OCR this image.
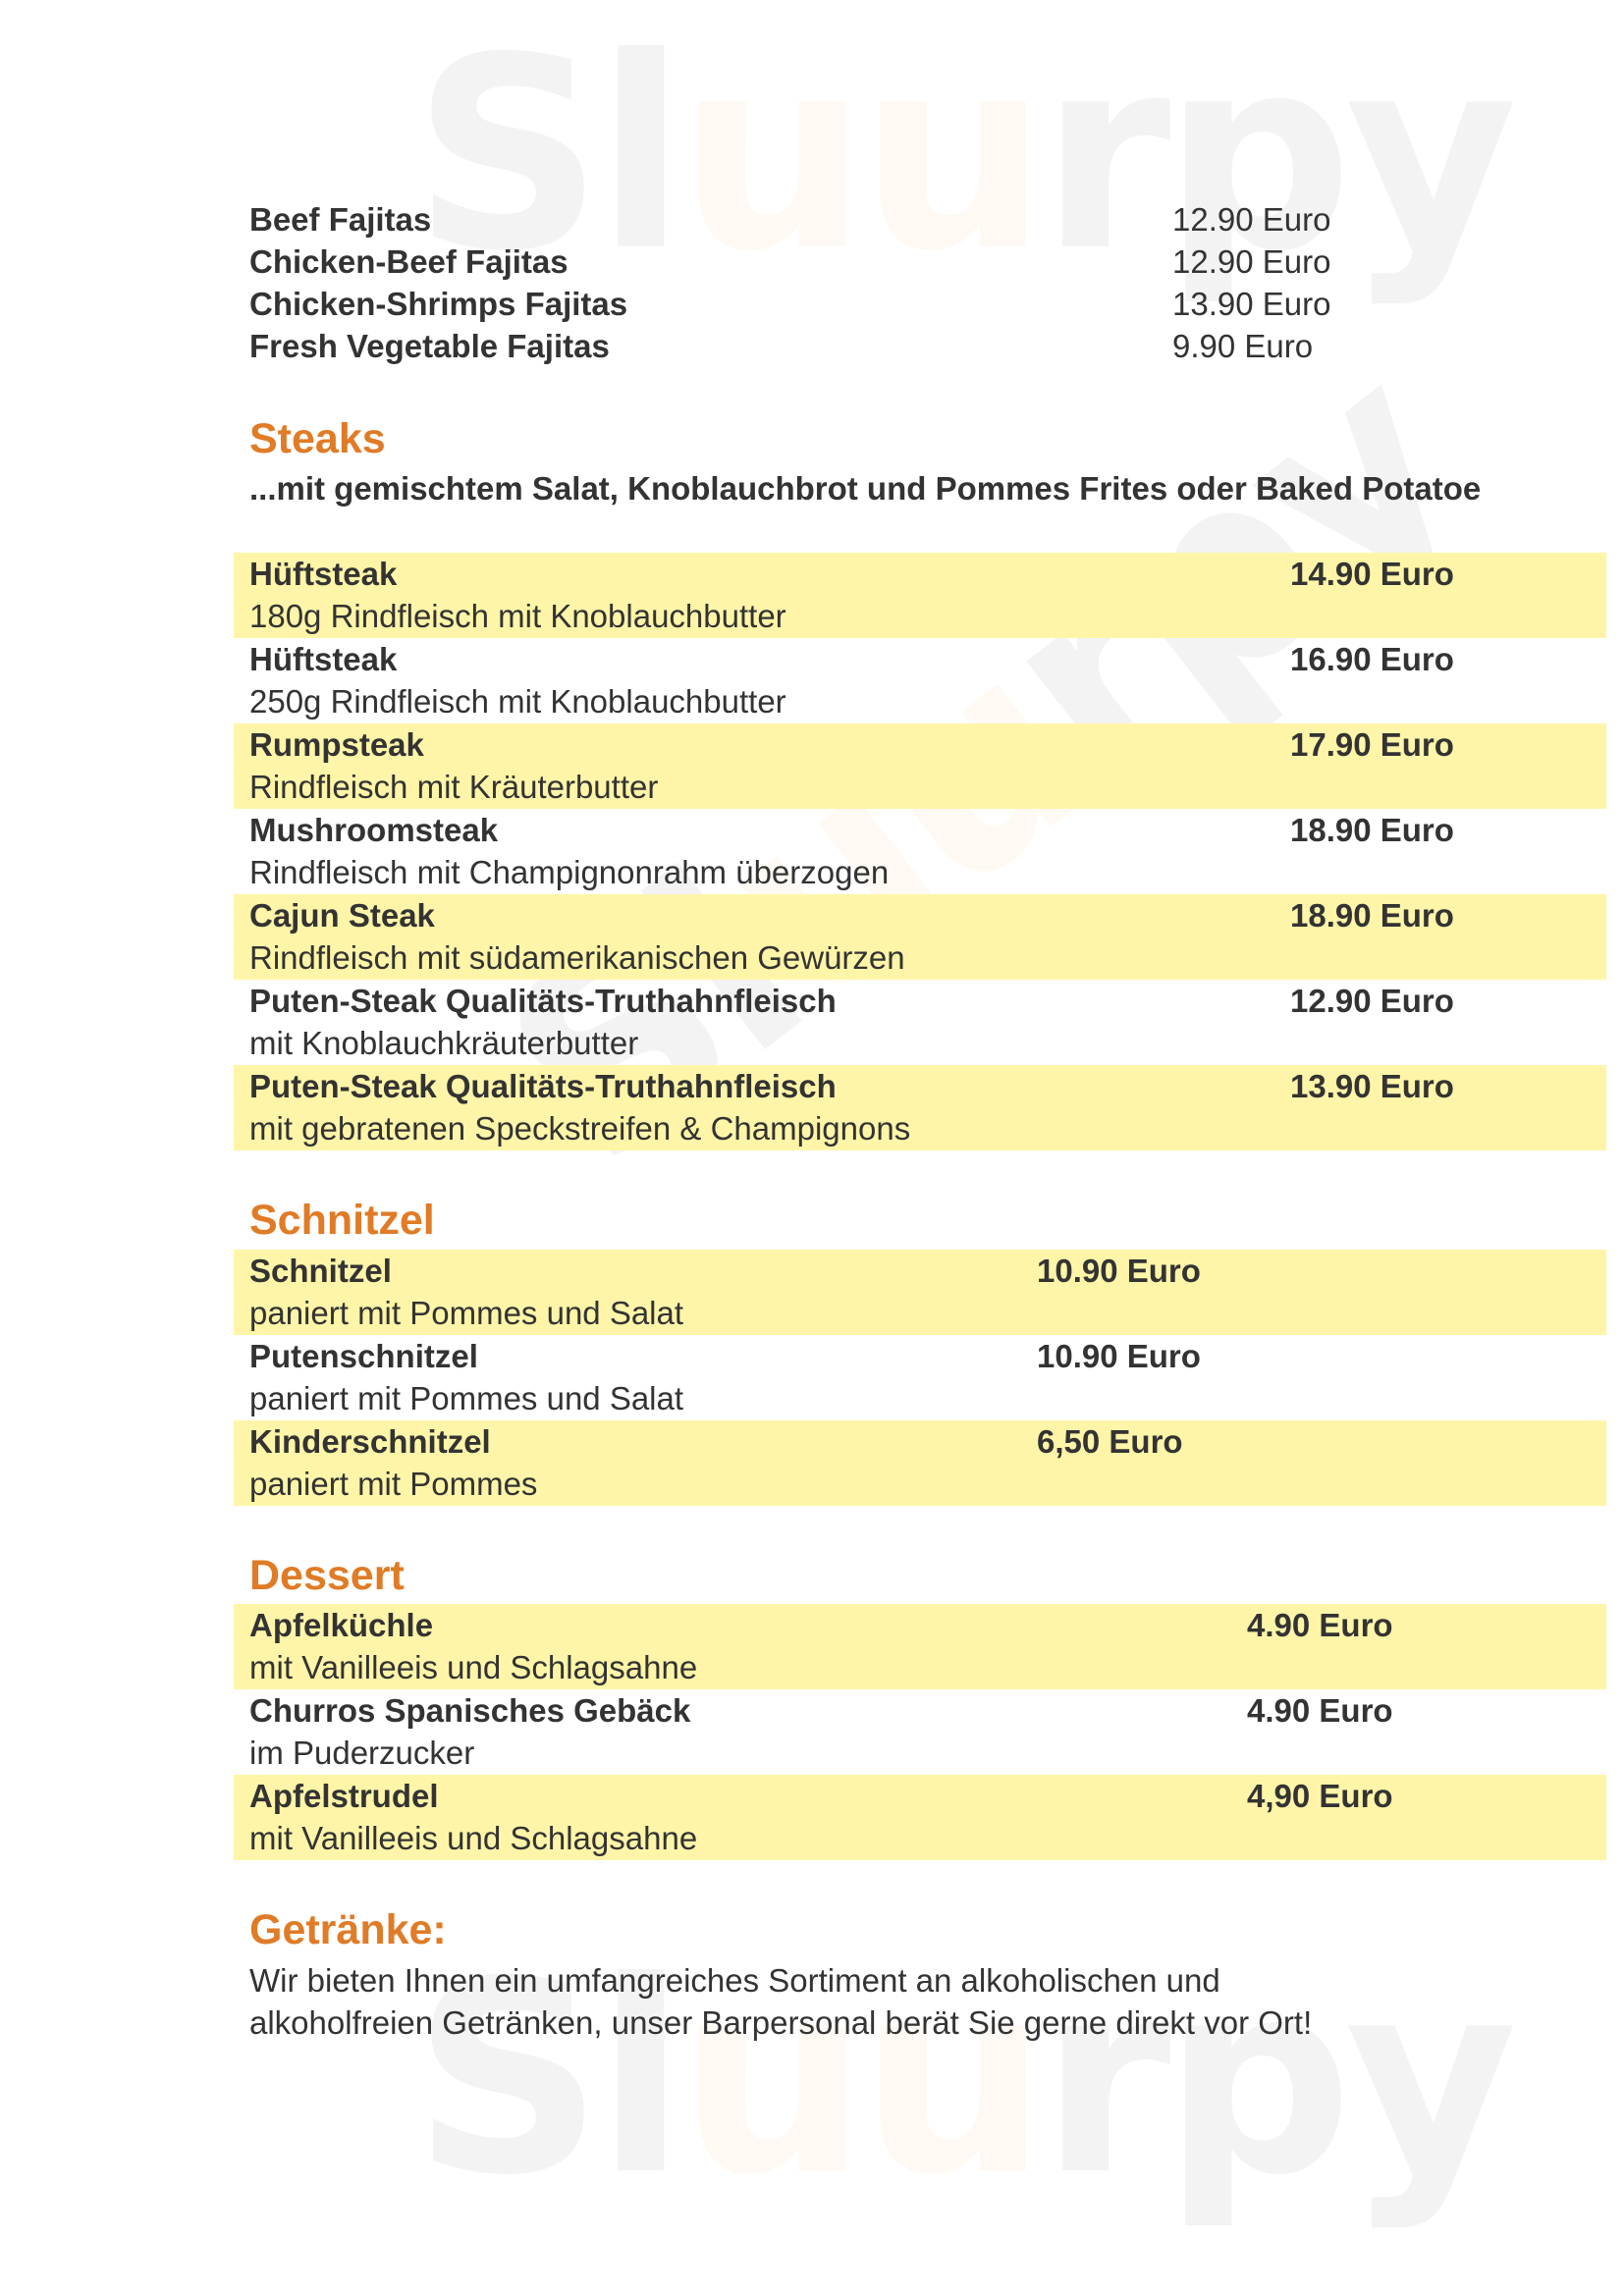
Beef Fajitas	12.90 Euro
Chicken-Beef Fajitas	12.90 Euro
Chicken-Shrimps Fajitas	13.90 Euro
Fresh Vegetable Fajitas	9.90 Euro
Steaks
...mit gemischtem Salat, Knoblauchbrot und Pommes Frites oder Baked Potatoe
Hüftsteak	14.90 Euro
180g Rindfleisch mit Knoblauchbutter
Hüftsteak	16.90 Euro
250g Rindfleisch mit Knoblauchbutter
Rumpsteak	17.90 Euro
Rindfleisch mit Kräuterbutter
Mushroomsteak	18.90 Euro
Rindfleisch mit Champignonrahm überzogen
Cajun Steak	18.90 Euro
Rindfleisch mit südamerikanischen Gewürzen
Puten-Steak Qualitäts-Truthahnfleisch	12.90 Euro
mit Knoblauchkräuterbutter
Puten-Steak Qualitäts-Truthahnfleisch	13.90 Euro
mit gebratenen Speckstreifen & Champignons
Schnitzel
Schnitzel	10.90 Euro
paniert mit Pommes und Salat
Putenschnitzel	10.90 Euro
paniert mit Pommes und Salat
Kinderschnitzel	6,50 Euro
paniert mit Pommes
Dessert
Apfelküchle	4.90 Euro
mit Vanilleeis und Schlagsahne
Churros Spanisches Gebäck	4.90 Euro
im Puderzucker
Apfelstrudel	4,90 Euro
mit Vanilleeis und Schlagsahne
Getränke:
Wir bieten Ihnen ein umfangreiches Sortiment an alkoholischen und alkoholfreien Getränken, unser Barpersonal berät Sie gerne direkt vor Ort!
